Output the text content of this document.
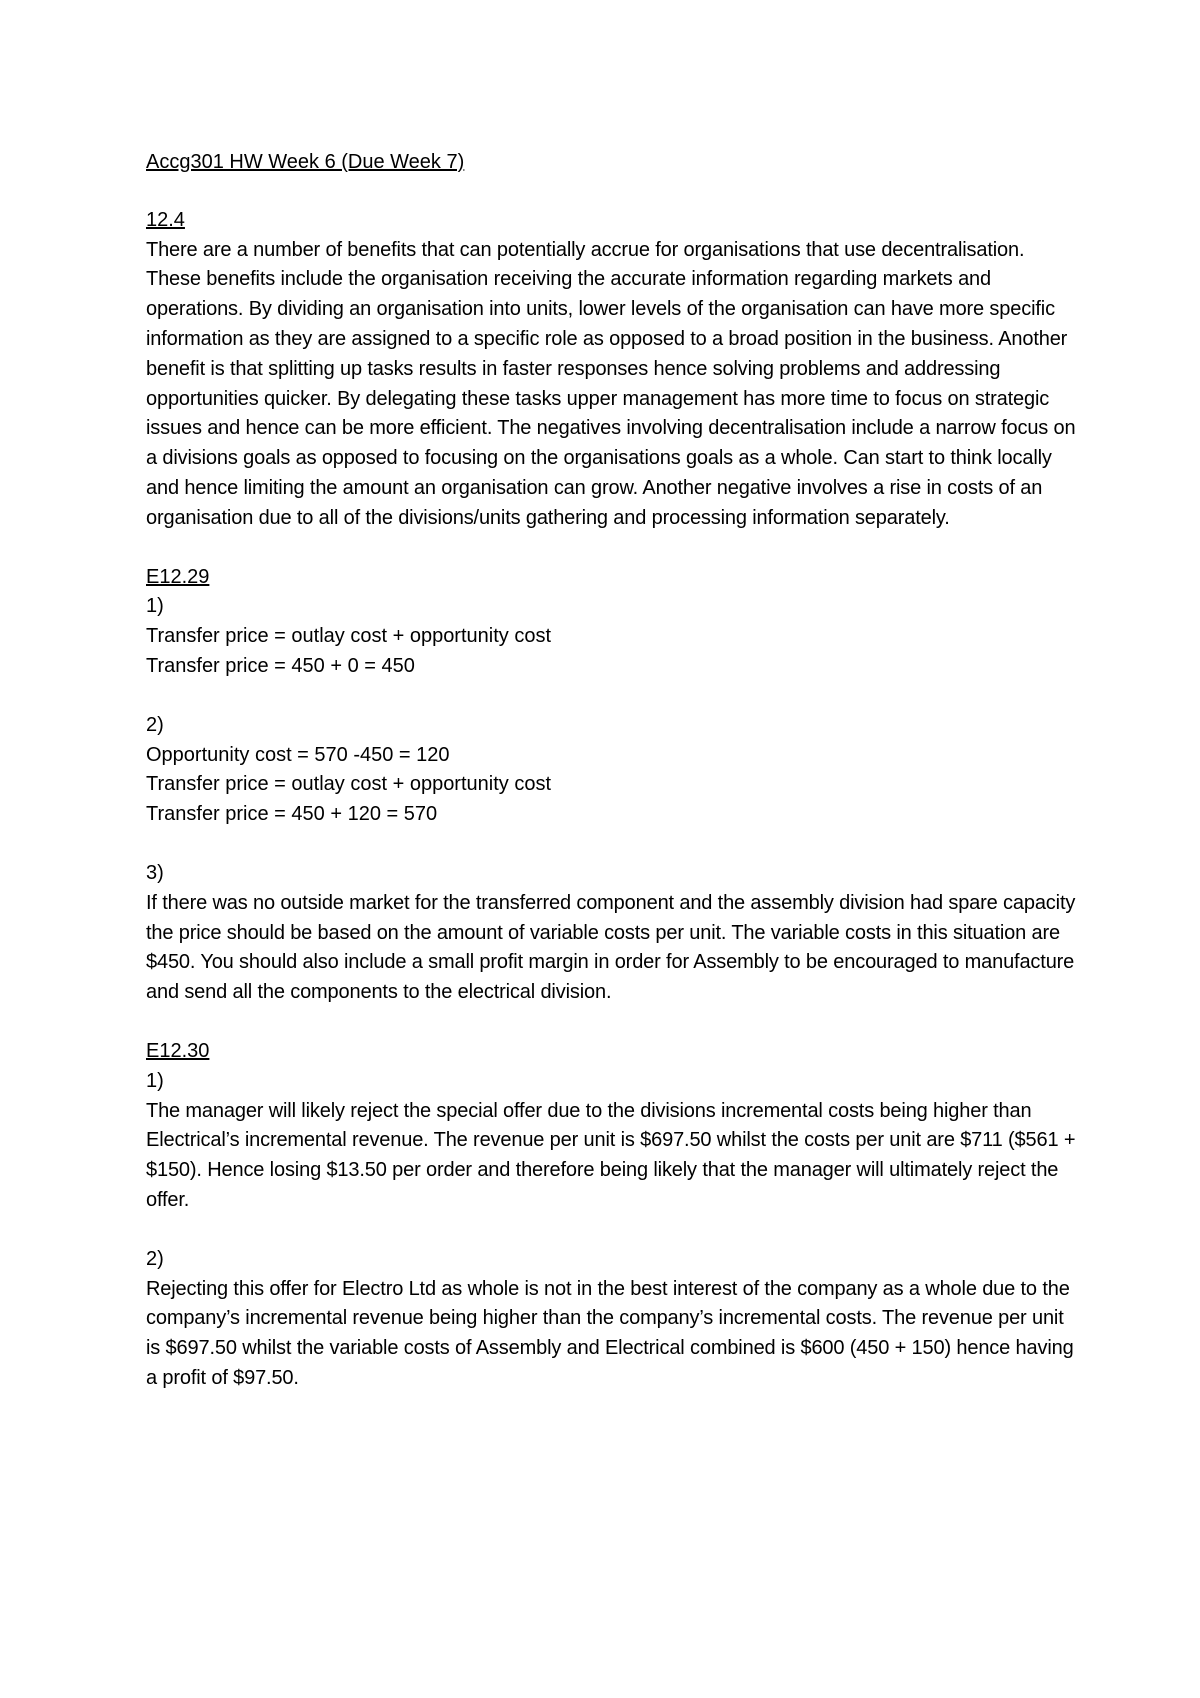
Accg301 HW Week 6 (Due Week 7)
12.4
There are a number of benefits that can potentially accrue for organisations that use decentralisation. These benefits include the organisation receiving the accurate information regarding markets and operations. By dividing an organisation into units, lower levels of the organisation can have more specific information as they are assigned to a specific role as opposed to a broad position in the business. Another benefit is that splitting up tasks results in faster responses hence solving problems and addressing opportunities quicker. By delegating these tasks upper management has more time to focus on strategic issues and hence can be more efficient. The negatives involving decentralisation include a narrow focus on a divisions goals as opposed to focusing on the organisations goals as a whole. Can start to think locally and hence limiting the amount an organisation can grow. Another negative involves a rise in costs of an organisation due to all of the divisions/units gathering and processing information separately.
E12.29
1)
Transfer price = outlay cost + opportunity cost
Transfer price = 450 + 0 = 450
2)
Opportunity cost = 570 -450 = 120
Transfer price = outlay cost + opportunity cost
Transfer price = 450 + 120 = 570
3)
If there was no outside market for the transferred component and the assembly division had spare capacity the price should be based on the amount of variable costs per unit. The variable costs in this situation are $450. You should also include a small profit margin in order for Assembly to be encouraged to manufacture and send all the components to the electrical division.
E12.30
1)
The manager will likely reject the special offer due to the divisions incremental costs being higher than Electrical’s incremental revenue. The revenue per unit is $697.50 whilst the costs per unit are $711 ($561 + $150). Hence losing $13.50 per order and therefore being likely that the manager will ultimately reject the offer.
2)
Rejecting this offer for Electro Ltd as whole is not in the best interest of the company as a whole due to the company’s incremental revenue being higher than the company’s incremental costs. The revenue per unit is $697.50 whilst the variable costs of Assembly and Electrical combined is $600 (450 + 150) hence having a profit of $97.50.
